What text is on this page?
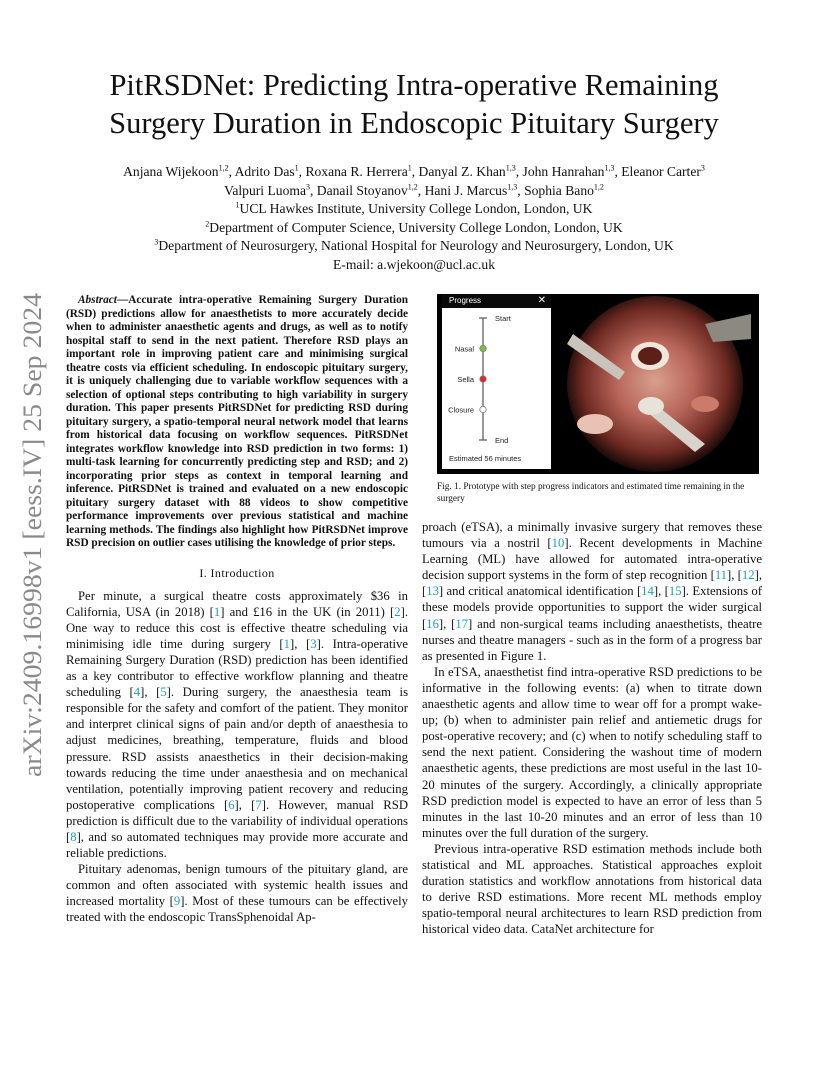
arXiv:2409.16998v1 [eess.IV] 25 Sep 2024
PitRSDNet: Predicting Intra-operative Remaining
Surgery Duration in Endoscopic Pituitary Surgery
Anjana Wijekoon$^{1,2}$, Adrito Das$^1$, Roxana R. Herrera$^1$, Danyal Z. Khan$^{1,3}$, John Hanrahan$^{1,3}$, Eleanor Carter$^3$
Valpuri Luoma$^3$, Danail Stoyanov$^{1,2}$, Hani J. Marcus$^{1,3}$, Sophia Bano$^{1,2}$
$^1$UCL Hawkes Institute, University College London, London, UK
$^2$Department of Computer Science, University College London, London, UK
$^3$Department of Neurosurgery, National Hospital for Neurology and Neurosurgery, London, UK
E-mail: a.wjekoon@ucl.ac.uk

Abstract—Accurate intra-operative Remaining Surgery Duration (RSD) predictions allow for anaesthetists to more accurately decide when to administer anaesthetic agents and drugs, as well as to notify hospital staff to send in the next patient. Therefore RSD plays an important role in improving patient care and minimising surgical theatre costs via efficient scheduling. In endoscopic pituitary surgery, it is uniquely challenging due to variable workflow sequences with a selection of optional steps contributing to high variability in surgery duration. This paper presents PitRSDNet for predicting RSD during pituitary surgery, a spatio-temporal neural network model that learns from historical data focusing on workflow sequences. PitRSDNet integrates workflow knowledge into RSD prediction in two forms: 1) multi-task learning for concurrently predicting step and RSD; and 2) incorporating prior steps as context in temporal learning and inference. PitRSDNet is trained and evaluated on a new endoscopic pituitary surgery dataset with 88 videos to show competitive performance improvements over previous statistical and machine learning methods. The findings also highlight how PitRSDNet improve RSD precision on outlier cases utilising the knowledge of prior steps.

I. Introduction

Per minute, a surgical theatre costs approximately $36 in California, USA (in 2018) [1] and £16 in the UK (in 2011) [2]. One way to reduce this cost is effective theatre scheduling via minimising idle time during surgery [1], [3]. Intra-operative Remaining Surgery Duration (RSD) prediction has been identified as a key contributor to effective workflow planning and theatre scheduling [4], [5]. During surgery, the anaesthesia team is responsible for the safety and comfort of the patient. They monitor and interpret clinical signs of pain and/or depth of anaesthesia to adjust medicines, breathing, temperature, fluids and blood pressure. RSD assists anaesthetics in their decision-making towards reducing the time under anaesthesia and on mechanical ventilation, potentially improving patient recovery and reducing postoperative complications [6], [7]. However, manual RSD prediction is difficult due to the variability of individual operations [8], and so automated techniques may provide more accurate and reliable predictions.

Pituitary adenomas, benign tumours of the pituitary gland, are common and often associated with systemic health issues and increased mortality [9]. Most of these tumours can be effectively treated with the endoscopic TransSphenoidal Ap-

Progress	✕
Start
Nasal
Sella
Closure
End
Estimated 56 minutes

Fig. 1. Prototype with step progress indicators and estimated time remaining in the surgery

proach (eTSA), a minimally invasive surgery that removes these tumours via a nostril [10]. Recent developments in Machine Learning (ML) have allowed for automated intra-operative decision support systems in the form of step recognition [11], [12], [13] and critical anatomical identification [14], [15]. Extensions of these models provide opportunities to support the wider surgical [16], [17] and non-surgical teams including anaesthetists, theatre nurses and theatre managers - such as in the form of a progress bar as presented in Figure 1.

In eTSA, anaesthetist find intra-operative RSD predictions to be informative in the following events: (a) when to titrate down anaesthetic agents and allow time to wear off for a prompt wake-up; (b) when to administer pain relief and antiemetic drugs for post-operative recovery; and (c) when to notify scheduling staff to send the next patient. Considering the washout time of modern anaesthetic agents, these predictions are most useful in the last 10-20 minutes of the surgery. Accordingly, a clinically appropriate RSD prediction model is expected to have an error of less than 5 minutes in the last 10-20 minutes and an error of less than 10 minutes over the full duration of the surgery.

Previous intra-operative RSD estimation methods include both statistical and ML approaches. Statistical approaches exploit duration statistics and workflow annotations from historical data to derive RSD estimations. More recent ML methods employ spatio-temporal neural architectures to learn RSD prediction from historical video data. CataNet architecture for
